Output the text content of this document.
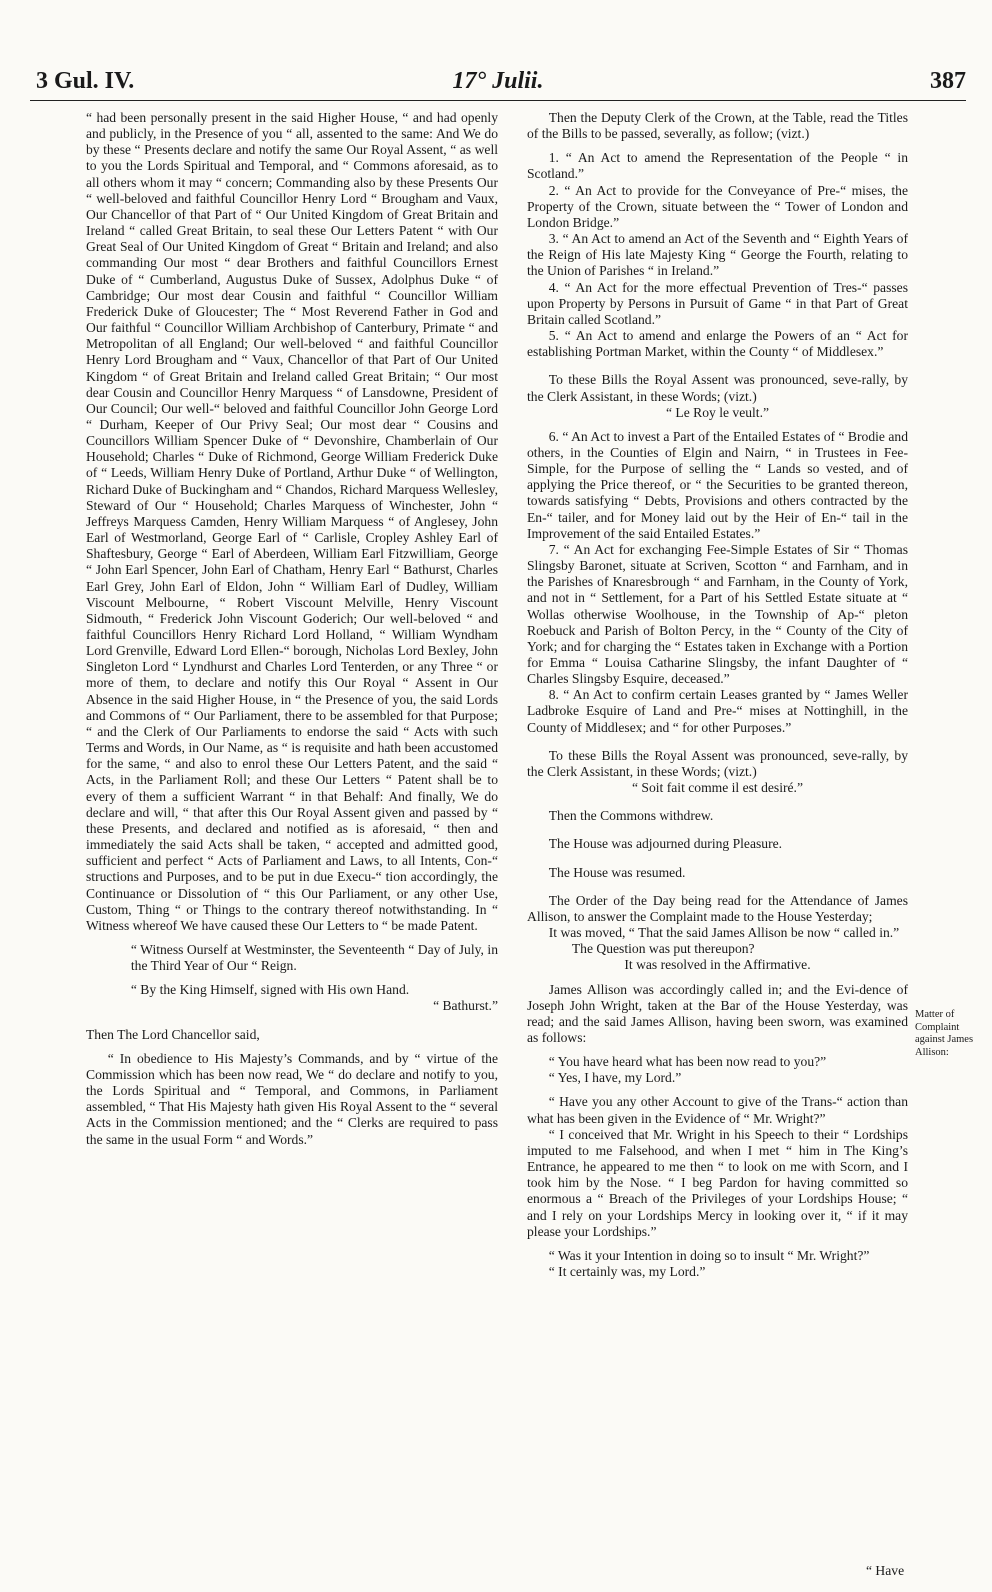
3 Gul. IV.	17° Julii.	387

“ had been personally present in the said Higher House, “ and had openly and publicly, in the Presence of you “ all, assented to the same: And We do by these “ Presents declare and notify the same Our Royal Assent, “ as well to you the Lords Spiritual and Temporal, and “ Commons aforesaid, as to all others whom it may “ concern; Commanding also by these Presents Our “ well-beloved and faithful Councillor Henry Lord “ Brougham and Vaux, Our Chancellor of that Part of “ Our United Kingdom of Great Britain and Ireland “ called Great Britain, to seal these Our Letters Patent “ with Our Great Seal of Our United Kingdom of Great “ Britain and Ireland; and also commanding Our most “ dear Brothers and faithful Councillors Ernest Duke of “ Cumberland, Augustus Duke of Sussex, Adolphus Duke “ of Cambridge; Our most dear Cousin and faithful “ Councillor William Frederick Duke of Gloucester; The “ Most Reverend Father in God and Our faithful “ Councillor William Archbishop of Canterbury, Primate “ and Metropolitan of all England; Our well-beloved “ and faithful Councillor Henry Lord Brougham and “ Vaux, Chancellor of that Part of Our United Kingdom “ of Great Britain and Ireland called Great Britain; “ Our most dear Cousin and Councillor Henry Marquess “ of Lansdowne, President of Our Council; Our well-“ beloved and faithful Councillor John George Lord “ Durham, Keeper of Our Privy Seal; Our most dear “ Cousins and Councillors William Spencer Duke of “ Devonshire, Chamberlain of Our Household; Charles “ Duke of Richmond, George William Frederick Duke of “ Leeds, William Henry Duke of Portland, Arthur Duke “ of Wellington, Richard Duke of Buckingham and “ Chandos, Richard Marquess Wellesley, Steward of Our “ Household; Charles Marquess of Winchester, John “ Jeffreys Marquess Camden, Henry William Marquess “ of Anglesey, John Earl of Westmorland, George Earl of “ Carlisle, Cropley Ashley Earl of Shaftesbury, George “ Earl of Aberdeen, William Earl Fitzwilliam, George “ John Earl Spencer, John Earl of Chatham, Henry Earl “ Bathurst, Charles Earl Grey, John Earl of Eldon, John “ William Earl of Dudley, William Viscount Melbourne, “ Robert Viscount Melville, Henry Viscount Sidmouth, “ Frederick John Viscount Goderich; Our well-beloved “ and faithful Councillors Henry Richard Lord Holland, “ William Wyndham Lord Grenville, Edward Lord Ellen-“ borough, Nicholas Lord Bexley, John Singleton Lord “ Lyndhurst and Charles Lord Tenterden, or any Three “ or more of them, to declare and notify this Our Royal “ Assent in Our Absence in the said Higher House, in “ the Presence of you, the said Lords and Commons of “ Our Parliament, there to be assembled for that Purpose; “ and the Clerk of Our Parliaments to endorse the said “ Acts with such Terms and Words, in Our Name, as “ is requisite and hath been accustomed for the same, “ and also to enrol these Our Letters Patent, and the said “ Acts, in the Parliament Roll; and these Our Letters “ Patent shall be to every of them a sufficient Warrant “ in that Behalf: And finally, We do declare and will, “ that after this Our Royal Assent given and passed by “ these Presents, and declared and notified as is aforesaid, “ then and immediately the said Acts shall be taken, “ accepted and admitted good, sufficient and perfect “ Acts of Parliament and Laws, to all Intents, Con-“ structions and Purposes, and to be put in due Execu-“ tion accordingly, the Continuance or Dissolution of “ this Our Parliament, or any other Use, Custom, Thing “ or Things to the contrary thereof notwithstanding. In “ Witness whereof We have caused these Our Letters to “ be made Patent.

“ Witness Ourself at Westminster, the Seventeenth “ Day of July, in the Third Year of Our “ Reign.

“ By the King Himself, signed with His own Hand.

“ Bathurst.”

Then The Lord Chancellor said,

“ In obedience to His Majesty’s Commands, and by “ virtue of the Commission which has been now read, We “ do declare and notify to you, the Lords Spiritual and “ Temporal, and Commons, in Parliament assembled, “ That His Majesty hath given His Royal Assent to the “ several Acts in the Commission mentioned; and the “ Clerks are required to pass the same in the usual Form “ and Words.”

Then the Deputy Clerk of the Crown, at the Table, read the Titles of the Bills to be passed, severally, as follow; (vizt.)

1. “ An Act to amend the Representation of the People “ in Scotland.”

2. “ An Act to provide for the Conveyance of Pre-“ mises, the Property of the Crown, situate between the “ Tower of London and London Bridge.”

3. “ An Act to amend an Act of the Seventh and “ Eighth Years of the Reign of His late Majesty King “ George the Fourth, relating to the Union of Parishes “ in Ireland.”

4. “ An Act for the more effectual Prevention of Tres-“ passes upon Property by Persons in Pursuit of Game “ in that Part of Great Britain called Scotland.”

5. “ An Act to amend and enlarge the Powers of an “ Act for establishing Portman Market, within the County “ of Middlesex.”

To these Bills the Royal Assent was pronounced, seve-rally, by the Clerk Assistant, in these Words; (vizt.)

“ Le Roy le veult.”

6. “ An Act to invest a Part of the Entailed Estates of “ Brodie and others, in the Counties of Elgin and Nairn, “ in Trustees in Fee-Simple, for the Purpose of selling the “ Lands so vested, and of applying the Price thereof, or “ the Securities to be granted thereon, towards satisfying “ Debts, Provisions and others contracted by the En-“ tailer, and for Money laid out by the Heir of En-“ tail in the Improvement of the said Entailed Estates.”

7. “ An Act for exchanging Fee-Simple Estates of Sir “ Thomas Slingsby Baronet, situate at Scriven, Scotton “ and Farnham, and in the Parishes of Knaresbrough “ and Farnham, in the County of York, and not in “ Settlement, for a Part of his Settled Estate situate at “ Wollas otherwise Woolhouse, in the Township of Ap-“ pleton Roebuck and Parish of Bolton Percy, in the “ County of the City of York; and for charging the “ Estates taken in Exchange with a Portion for Emma “ Louisa Catharine Slingsby, the infant Daughter of “ Charles Slingsby Esquire, deceased.”

8. “ An Act to confirm certain Leases granted by “ James Weller Ladbroke Esquire of Land and Pre-“ mises at Nottinghill, in the County of Middlesex; and “ for other Purposes.”

To these Bills the Royal Assent was pronounced, seve-rally, by the Clerk Assistant, in these Words; (vizt.)

“ Soit fait comme il est desiré.”

Then the Commons withdrew.

The House was adjourned during Pleasure.

The House was resumed.

The Order of the Day being read for the Attendance of James Allison, to answer the Complaint made to the House Yesterday;

It was moved, “ That the said James Allison be now “ called in.”

The Question was put thereupon?

It was resolved in the Affirmative.

James Allison was accordingly called in; and the Evi-dence of Joseph John Wright, taken at the Bar of the House Yesterday, was read; and the said James Allison, having been sworn, was examined as follows:

“ You have heard what has been now read to you?”

“ Yes, I have, my Lord.”

“ Have you any other Account to give of the Trans-“ action than what has been given in the Evidence of “ Mr. Wright?”

“ I conceived that Mr. Wright in his Speech to their “ Lordships imputed to me Falsehood, and when I met “ him in The King’s Entrance, he appeared to me then “ to look on me with Scorn, and I took him by the Nose. “ I beg Pardon for having committed so enormous a “ Breach of the Privileges of your Lordships House; “ and I rely on your Lordships Mercy in looking over it, “ if it may please your Lordships.”

“ Was it your Intention in doing so to insult “ Mr. Wright?”

“ It certainly was, my Lord.”

Matter of Complaint against James Allison:
“ Have
